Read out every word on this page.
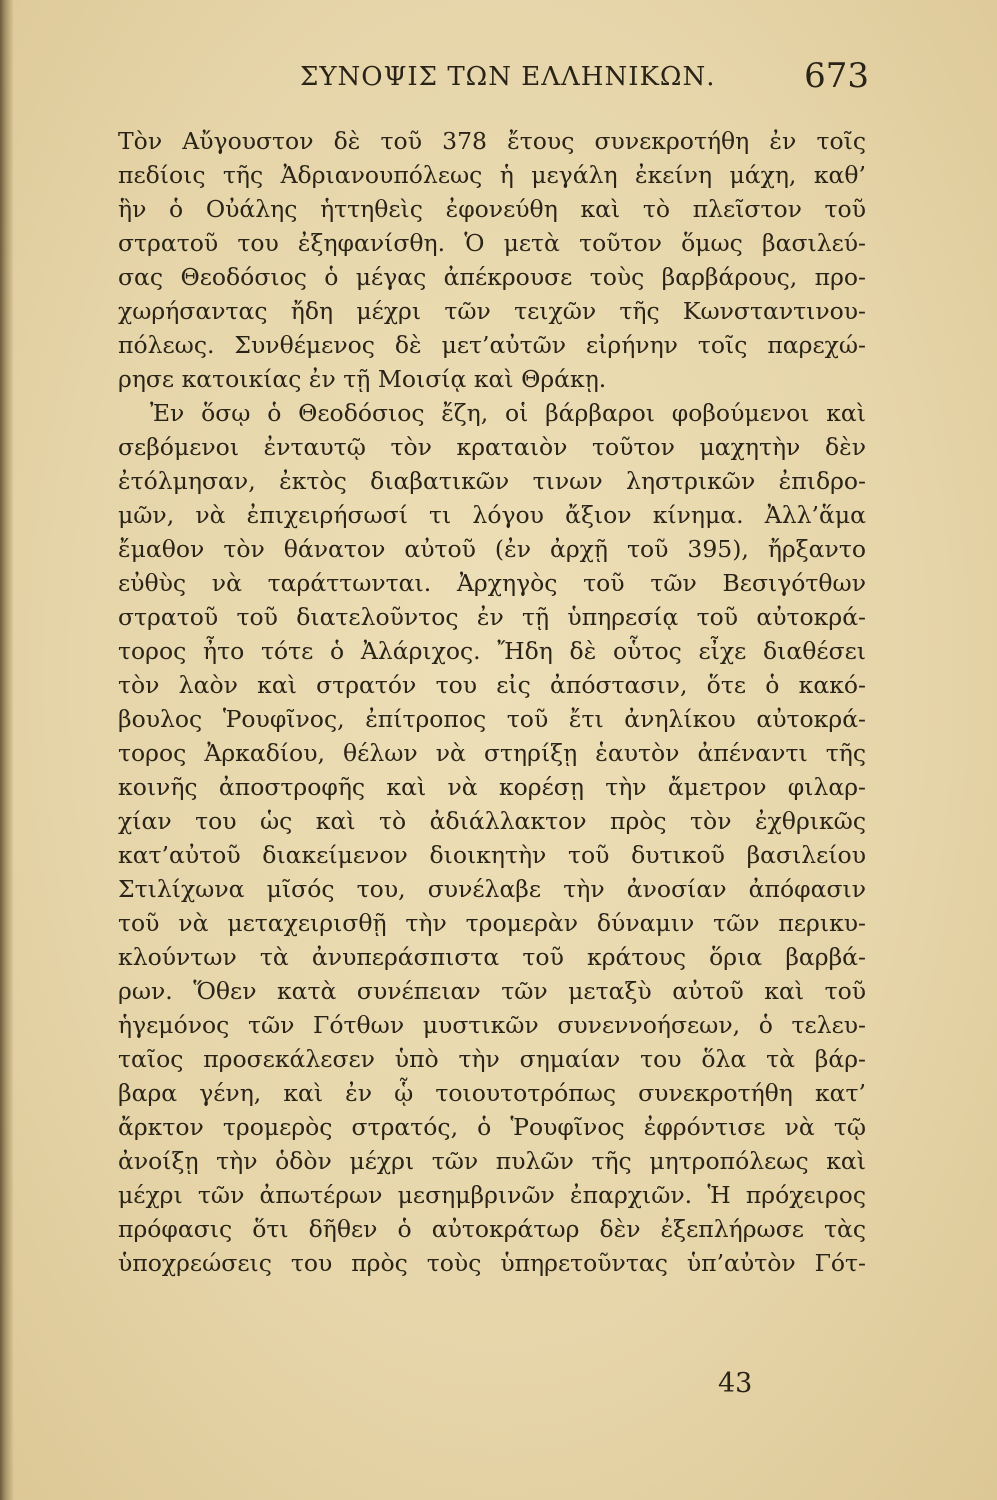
ΣΥΝΟΨΙΣ ΤΩΝ ΕΛΛΗΝΙΚΩΝ.	673
Τὸν Αὔγουστον δὲ τοῦ 378 ἔτους συνεκροτήθη ἐν τοῖς
πεδίοις τῆς Ἀδριανουπόλεως ἡ μεγάλη ἐκείνη μάχη, καθ’
ἣν ὁ Οὐάλης ἡττηθεὶς ἐφονεύθη καὶ τὸ πλεῖστον τοῦ
στρατοῦ του ἐξηφανίσθη. Ὁ μετὰ τοῦτον ὅμως βασιλεύ-
σας Θεοδόσιος ὁ μέγας ἀπέκρουσε τοὺς βαρβάρους, προ-
χωρήσαντας ἤδη μέχρι τῶν τειχῶν τῆς Κωνσταντινου-
πόλεως. Συνθέμενος δὲ μετ’αὐτῶν εἰρήνην τοῖς παρεχώ-
ρησε κατοικίας ἐν τῇ Μοισίᾳ καὶ Θράκῃ.
Ἐν ὅσῳ ὁ Θεοδόσιος ἔζη, οἱ βάρβαροι φοβούμενοι καὶ
σεβόμενοι ἐνταυτῷ τὸν κραταιὸν τοῦτον μαχητὴν δὲν
ἐτόλμησαν, ἐκτὸς διαβατικῶν τινων ληστρικῶν ἐπιδρο-
μῶν, νὰ ἐπιχειρήσωσί τι λόγου ἄξιον κίνημα. Ἀλλ’ἅμα
ἔμαθον τὸν θάνατον αὐτοῦ (ἐν ἀρχῇ τοῦ 395), ἤρξαντο
εὐθὺς νὰ ταράττωνται. Ἀρχηγὸς τοῦ τῶν Βεσιγότθων
στρατοῦ τοῦ διατελοῦντος ἐν τῇ ὑπηρεσίᾳ τοῦ αὐτοκρά-
τορος ἦτο τότε ὁ Ἀλάριχος. Ἤδη δὲ οὗτος εἶχε διαθέσει
τὸν λαὸν καὶ στρατόν του εἰς ἀπόστασιν, ὅτε ὁ κακό-
βουλος Ῥουφῖνος, ἐπίτροπος τοῦ ἔτι ἀνηλίκου αὐτοκρά-
τορος Ἀρκαδίου, θέλων νὰ στηρίξῃ ἑαυτὸν ἀπέναντι τῆς
κοινῆς ἀποστροφῆς καὶ νὰ κορέσῃ τὴν ἄμετρον φιλαρ-
χίαν του ὡς καὶ τὸ ἀδιάλλακτον πρὸς τὸν ἐχθρικῶς
κατ’αὐτοῦ διακείμενον διοικητὴν τοῦ δυτικοῦ βασιλείου
Στιλίχωνα μῖσός του, συνέλαβε τὴν ἀνοσίαν ἀπόφασιν
τοῦ νὰ μεταχειρισθῇ τὴν τρομερὰν δύναμιν τῶν περικυ-
κλούντων τὰ ἀνυπεράσπιστα τοῦ κράτους ὅρια βαρβά-
ρων. Ὅθεν κατὰ συνέπειαν τῶν μεταξὺ αὐτοῦ καὶ τοῦ
ἡγεμόνος τῶν Γότθων μυστικῶν συνεννοήσεων, ὁ τελευ-
ταῖος προσεκάλεσεν ὑπὸ τὴν σημαίαν του ὅλα τὰ βάρ-
βαρα γένη, καὶ ἐν ᾧ τοιουτοτρόπως συνεκροτήθη κατ’
ἄρκτον τρομερὸς στρατός, ὁ Ῥουφῖνος ἐφρόντισε νὰ τῷ
ἀνοίξῃ τὴν ὁδὸν μέχρι τῶν πυλῶν τῆς μητροπόλεως καὶ
μέχρι τῶν ἀπωτέρων μεσημβρινῶν ἐπαρχιῶν. Ἡ πρόχειρος
πρόφασις ὅτι δῆθεν ὁ αὐτοκράτωρ δὲν ἐξεπλήρωσε τὰς
ὑποχρεώσεις του πρὸς τοὺς ὑπηρετοῦντας ὑπ’αὐτὸν Γότ-
43
